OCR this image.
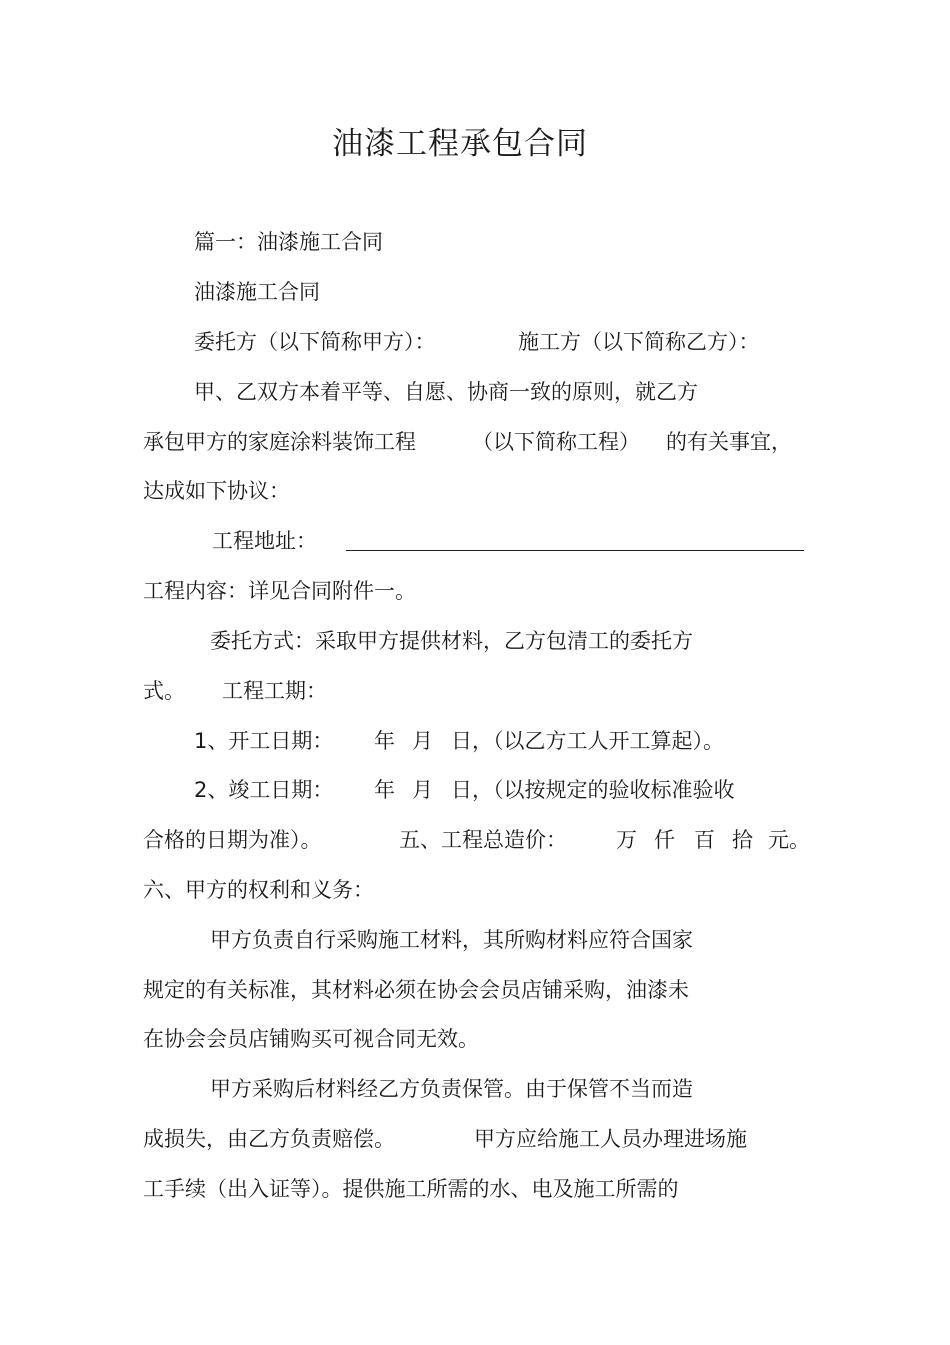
油漆工程承包合同
篇一：油漆施工合同
油漆施工合同
委托方（以下简称甲方）：	施工方（以下简称乙方）：
甲、乙双方本着平等、自愿、协商一致的原则，就乙方
承包甲方的家庭涂料装饰工程	（以下简称工程） 的有关事宜，
达成如下协议：
工程地址：
工程内容：详见合同附件一。
委托方式：采取甲方提供材料，乙方包清工的委托方
式。 工程工期：
1、开工日期： 年 月 日，（以乙方工人开工算起）。
2、竣工日期： 年 月 日，（以按规定的验收标准验收
合格的日期为准）。	五、工程总造价： 万 仟 百 拾 元。
六、甲方的权利和义务：
甲方负责自行采购施工材料，其所购材料应符合国家
规定的有关标准，其材料必须在协会会员店铺采购，油漆未
在协会会员店铺购买可视合同无效。
甲方采购后材料经乙方负责保管。由于保管不当而造
成损失，由乙方负责赔偿。	甲方应给施工人员办理进场施
工手续（出入证等）。提供施工所需的水、电及施工所需的
